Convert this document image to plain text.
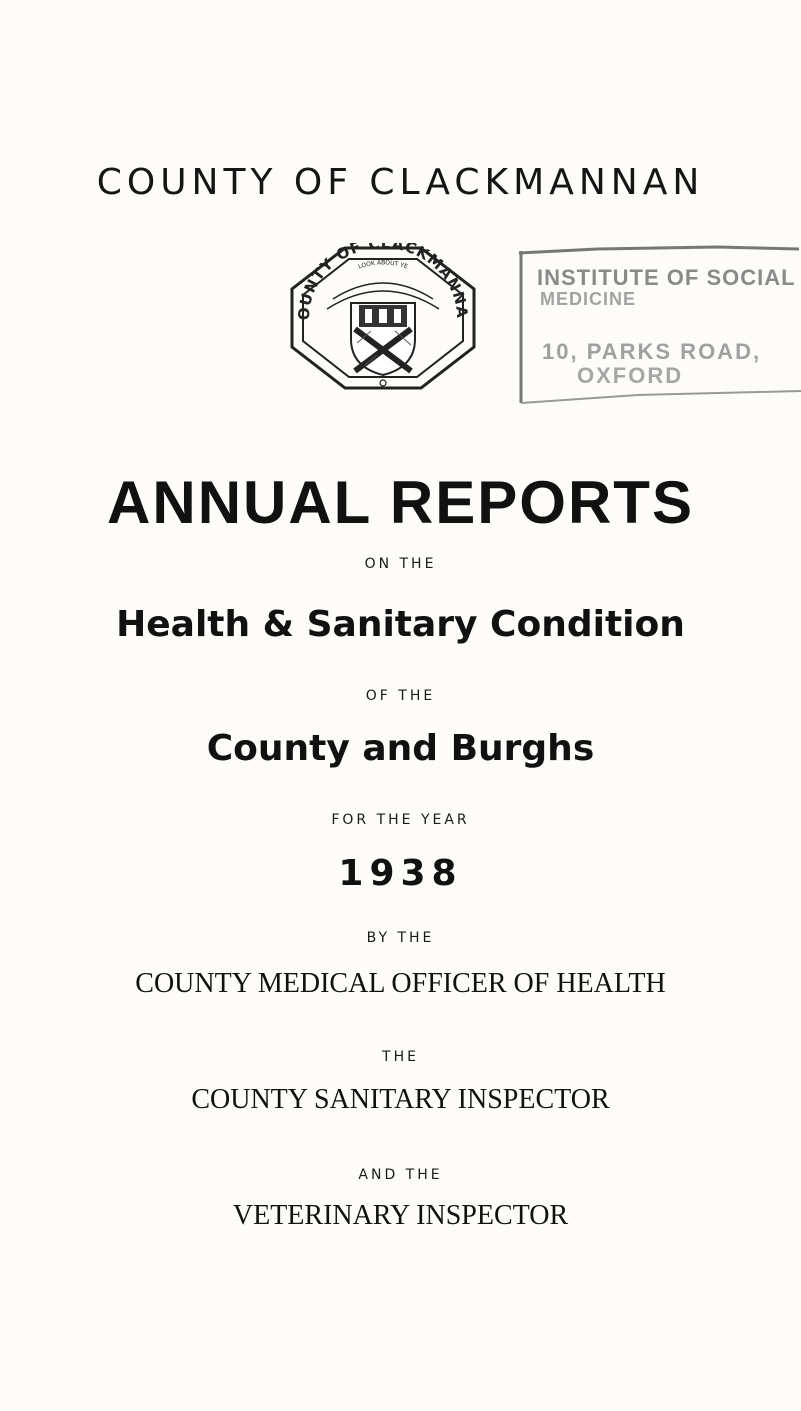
COUNTY OF CLACKMANNAN
OUNTY OF CLACKMANNA
LOOK ABOUT YE	INSTITUTE OF SOCIAL
MEDICINE
10, PARKS ROAD,
OXFORD
ANNUAL REPORTS
ON THE
Health & Sanitary Condition
OF THE
County and Burghs
FOR THE YEAR
1938
BY THE
COUNTY MEDICAL OFFICER OF HEALTH
THE
COUNTY SANITARY INSPECTOR
AND THE
VETERINARY INSPECTOR
